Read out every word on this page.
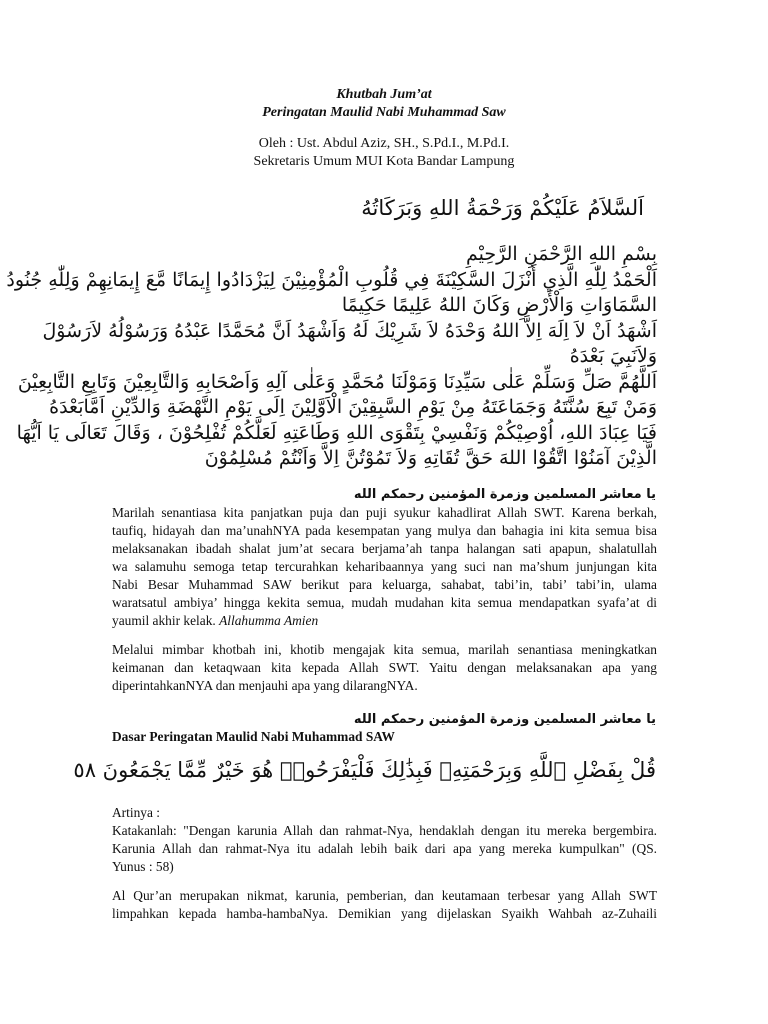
Khutbah Jum’at
Peringatan Maulid Nabi Muhammad Saw
Oleh : Ust. Abdul Aziz, SH., S.Pd.I., M.Pd.I.
Sekretaris Umum MUI Kota Bandar Lampung
اَلسَّلاَمُ عَلَيْكُمْ وَرَحْمَةُ اللهِ وَبَرَكَاتُهُ
بِسْمِ اللهِ الرَّحْمَنِ الرَّحِيْمِ
اَلْحَمْدُ لِلّٰهِ الَّذِي أَنْزَلَ السَّكِيْنَةَ فِي قُلُوبِ الْمُؤْمِنِيْنَ لِيَزْدَادُوا إِيمَانًا مَّعَ إِيمَانِهِمْ وَلِلّٰهِ جُنُودُ
السَّمَاوَاتِ وَالْأَرْضِ وَكَانَ اللهُ عَلِيمًا حَكِيمًا
اَشْهَدُ اَنْ لاَ اِلَهَ اِلاَّ اللهُ وَحْدَهُ لاَ شَرِيْكَ لَهُ وَاَشْهَدُ اَنَّ مُحَمَّدًا عَبْدُهُ وَرَسُوْلُهُ لاَرَسُوْلَ
وَلاَنَبِيَ بَعْدَهُ
اَللَّهُمَّ صَلِّ وَسَلِّمْ عَلٰى سَيِّدِنَا وَمَوْلَنَا مُحَمَّدٍ وَعَلٰى آلِهِ وَاَصْحَابِهِ وَالتَّابِعِيْنَ وَتَابِعِ التَّابِعِيْنَ
وَمَنْ تَبِعَ سُنَّتَهُ وَجَمَاعَتَهُ مِنْ يَوْمِ السَّبِقِيْنَ الْاَوَّلِيْنَ اِلَى يَوْمِ النَّهْضَةِ وَالدِّيْنِ اَمَّابَعْدَهُ
فَيَا عِبَادَ اللهِ، اُوْصِيْكُمْ وَنَفْسِيْ بِتَقْوَى اللهِ وَطَاعَتِهِ لَعَلَّكُمْ تُفْلِحُوْنَ ، وَقَالَ تَعَالَى يَا اَيُّهَا
الَّذِيْنَ آمَنُوْا اتَّقُوْا اللهَ حَقَّ تُقَاتِهِ وَلاَ تَمُوْتُنَّ اِلاَّ وَاَنْتُمْ مُسْلِمُوْنَ
يا معاشر المسلمين وزمرة المؤمنين رحمكم الله
Marilah senantiasa kita panjatkan puja dan puji syukur kahadlirat Allah SWT. Karena berkah,
taufiq, hidayah dan ma’unahNYA pada kesempatan yang mulya dan bahagia ini kita semua bisa
melaksanakan ibadah shalat jum’at secara berjama’ah tanpa halangan sati apapun, shalatullah
wa salamuhu semoga tetap tercurahkan keharibaannya yang suci nan ma’shum junjungan kita
Nabi Besar Muhammad SAW berikut para keluarga, sahabat, tabi’in, tabi’ tabi’in, ulama
waratsatul ambiya’ hingga kekita semua, mudah mudahan kita semua mendapatkan syafa’at di
yaumil akhir kelak. Allahumma Amien
Melalui mimbar khotbah ini, khotib mengajak kita semua, marilah senantiasa meningkatkan
keimanan dan ketaqwaan kita kepada Allah SWT. Yaitu dengan melaksanakan apa yang
diperintahkanNYA dan menjauhi apa yang dilarangNYA.
يا معاشر المسلمين وزمرة المؤمنين رحمكم الله
Dasar Peringatan Maulid Nabi Muhammad SAW
قُلْ بِفَضْلِ ٱللَّهِ وَبِرَحْمَتِهِۦ فَبِذَٰلِكَ فَلْيَفْرَحُوا۟ هُوَ خَيْرٌ مِّمَّا يَجْمَعُونَ ٥٨
Artinya :
Katakanlah: "Dengan karunia Allah dan rahmat-Nya, hendaklah dengan itu mereka bergembira.
Karunia Allah dan rahmat-Nya itu adalah lebih baik dari apa yang mereka kumpulkan" (QS.
Yunus : 58)
Al Qur’an merupakan nikmat, karunia, pemberian, dan keutamaan terbesar yang Allah SWT
limpahkan kepada hamba-hambaNya. Demikian yang dijelaskan Syaikh Wahbah az-Zuhaili
